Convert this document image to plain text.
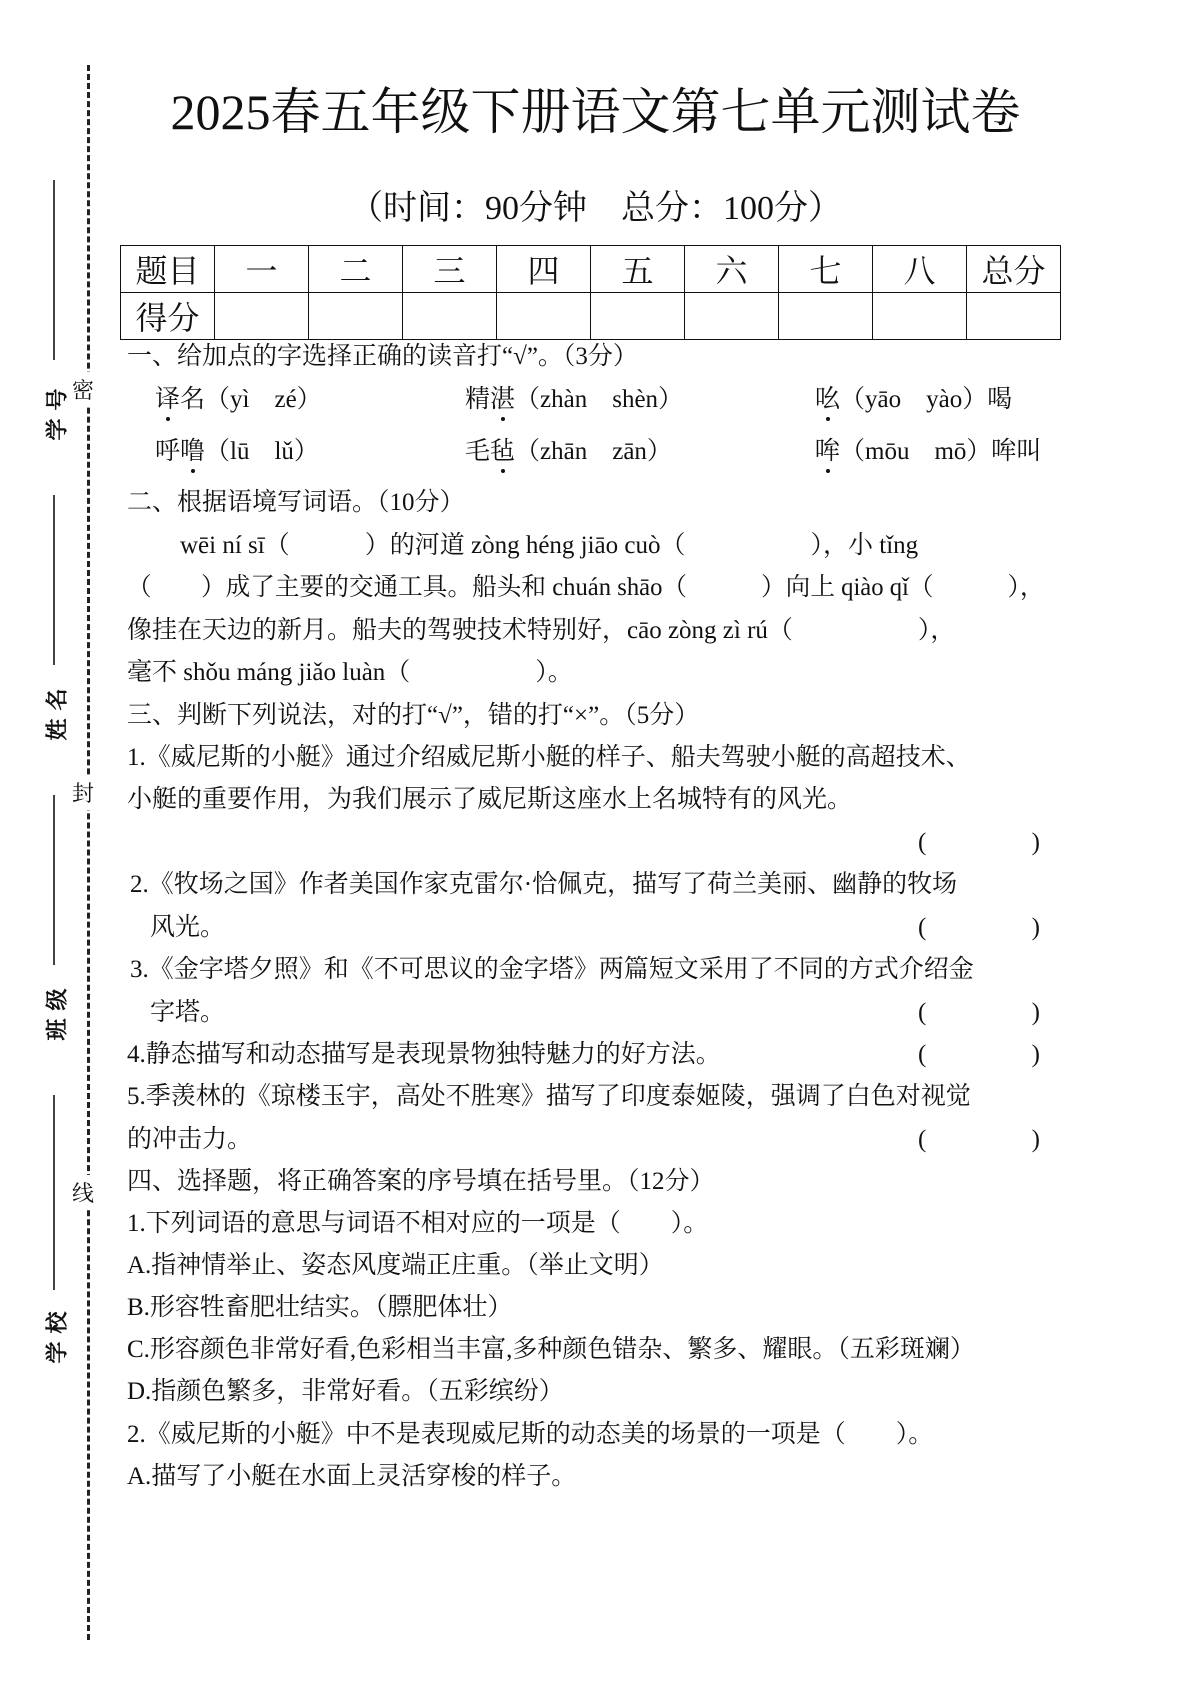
学号
姓名
班级
学校
密
封
线
2025春五年级下册语文第七单元测试卷
（时间：90分钟　总分：100分）
题目	一	二	三	四	五	六	七	八	总分
得分									
一、给加点的字选择正确的读音打“√”。（3分）
译名（yì　zé）	精湛（zhàn　shèn）	吆（yāo　yào）喝
呼噜（lū　lǔ）	毛毡（zhān　zān）	哞（mōu　mō）哞叫
二、根据语境写词语。（10分）
wēi ní sī（　　　）的河道 zòng héng jiāo cuò（　　　　　），小 tǐng
（　　）成了主要的交通工具。船头和 chuán shāo（　　　）向上 qiào qǐ（　　　），
像挂在天边的新月。船夫的驾驶技术特别好，cāo zòng zì rú（　　　　　），
毫不 shǒu máng jiǎo luàn（　　　　　）。
三、判断下列说法，对的打“√”，错的打“×”。（5分）
1.《威尼斯的小艇》通过介绍威尼斯小艇的样子、船夫驾驶小艇的高超技术、
小艇的重要作用，为我们展示了威尼斯这座水上名城特有的风光。
(	)
2.《牧场之国》作者美国作家克雷尔·恰佩克，描写了荷兰美丽、幽静的牧场
风光。	(	)
3.《金字塔夕照》和《不可思议的金字塔》两篇短文采用了不同的方式介绍金
字塔。	(	)
4.静态描写和动态描写是表现景物独特魅力的好方法。	(	)
5.季羡林的《琼楼玉宇，高处不胜寒》描写了印度泰姬陵，强调了白色对视觉
的冲击力。	(	)
四、选择题，将正确答案的序号填在括号里。（12分）
1.下列词语的意思与词语不相对应的一项是（　　）。
A.指神情举止、姿态风度端正庄重。（举止文明）
B.形容牲畜肥壮结实。（膘肥体壮）
C.形容颜色非常好看,色彩相当丰富,多种颜色错杂、繁多、耀眼。（五彩斑斓）
D.指颜色繁多，非常好看。（五彩缤纷）
2.《威尼斯的小艇》中不是表现威尼斯的动态美的场景的一项是（　　）。
A.描写了小艇在水面上灵活穿梭的样子。
